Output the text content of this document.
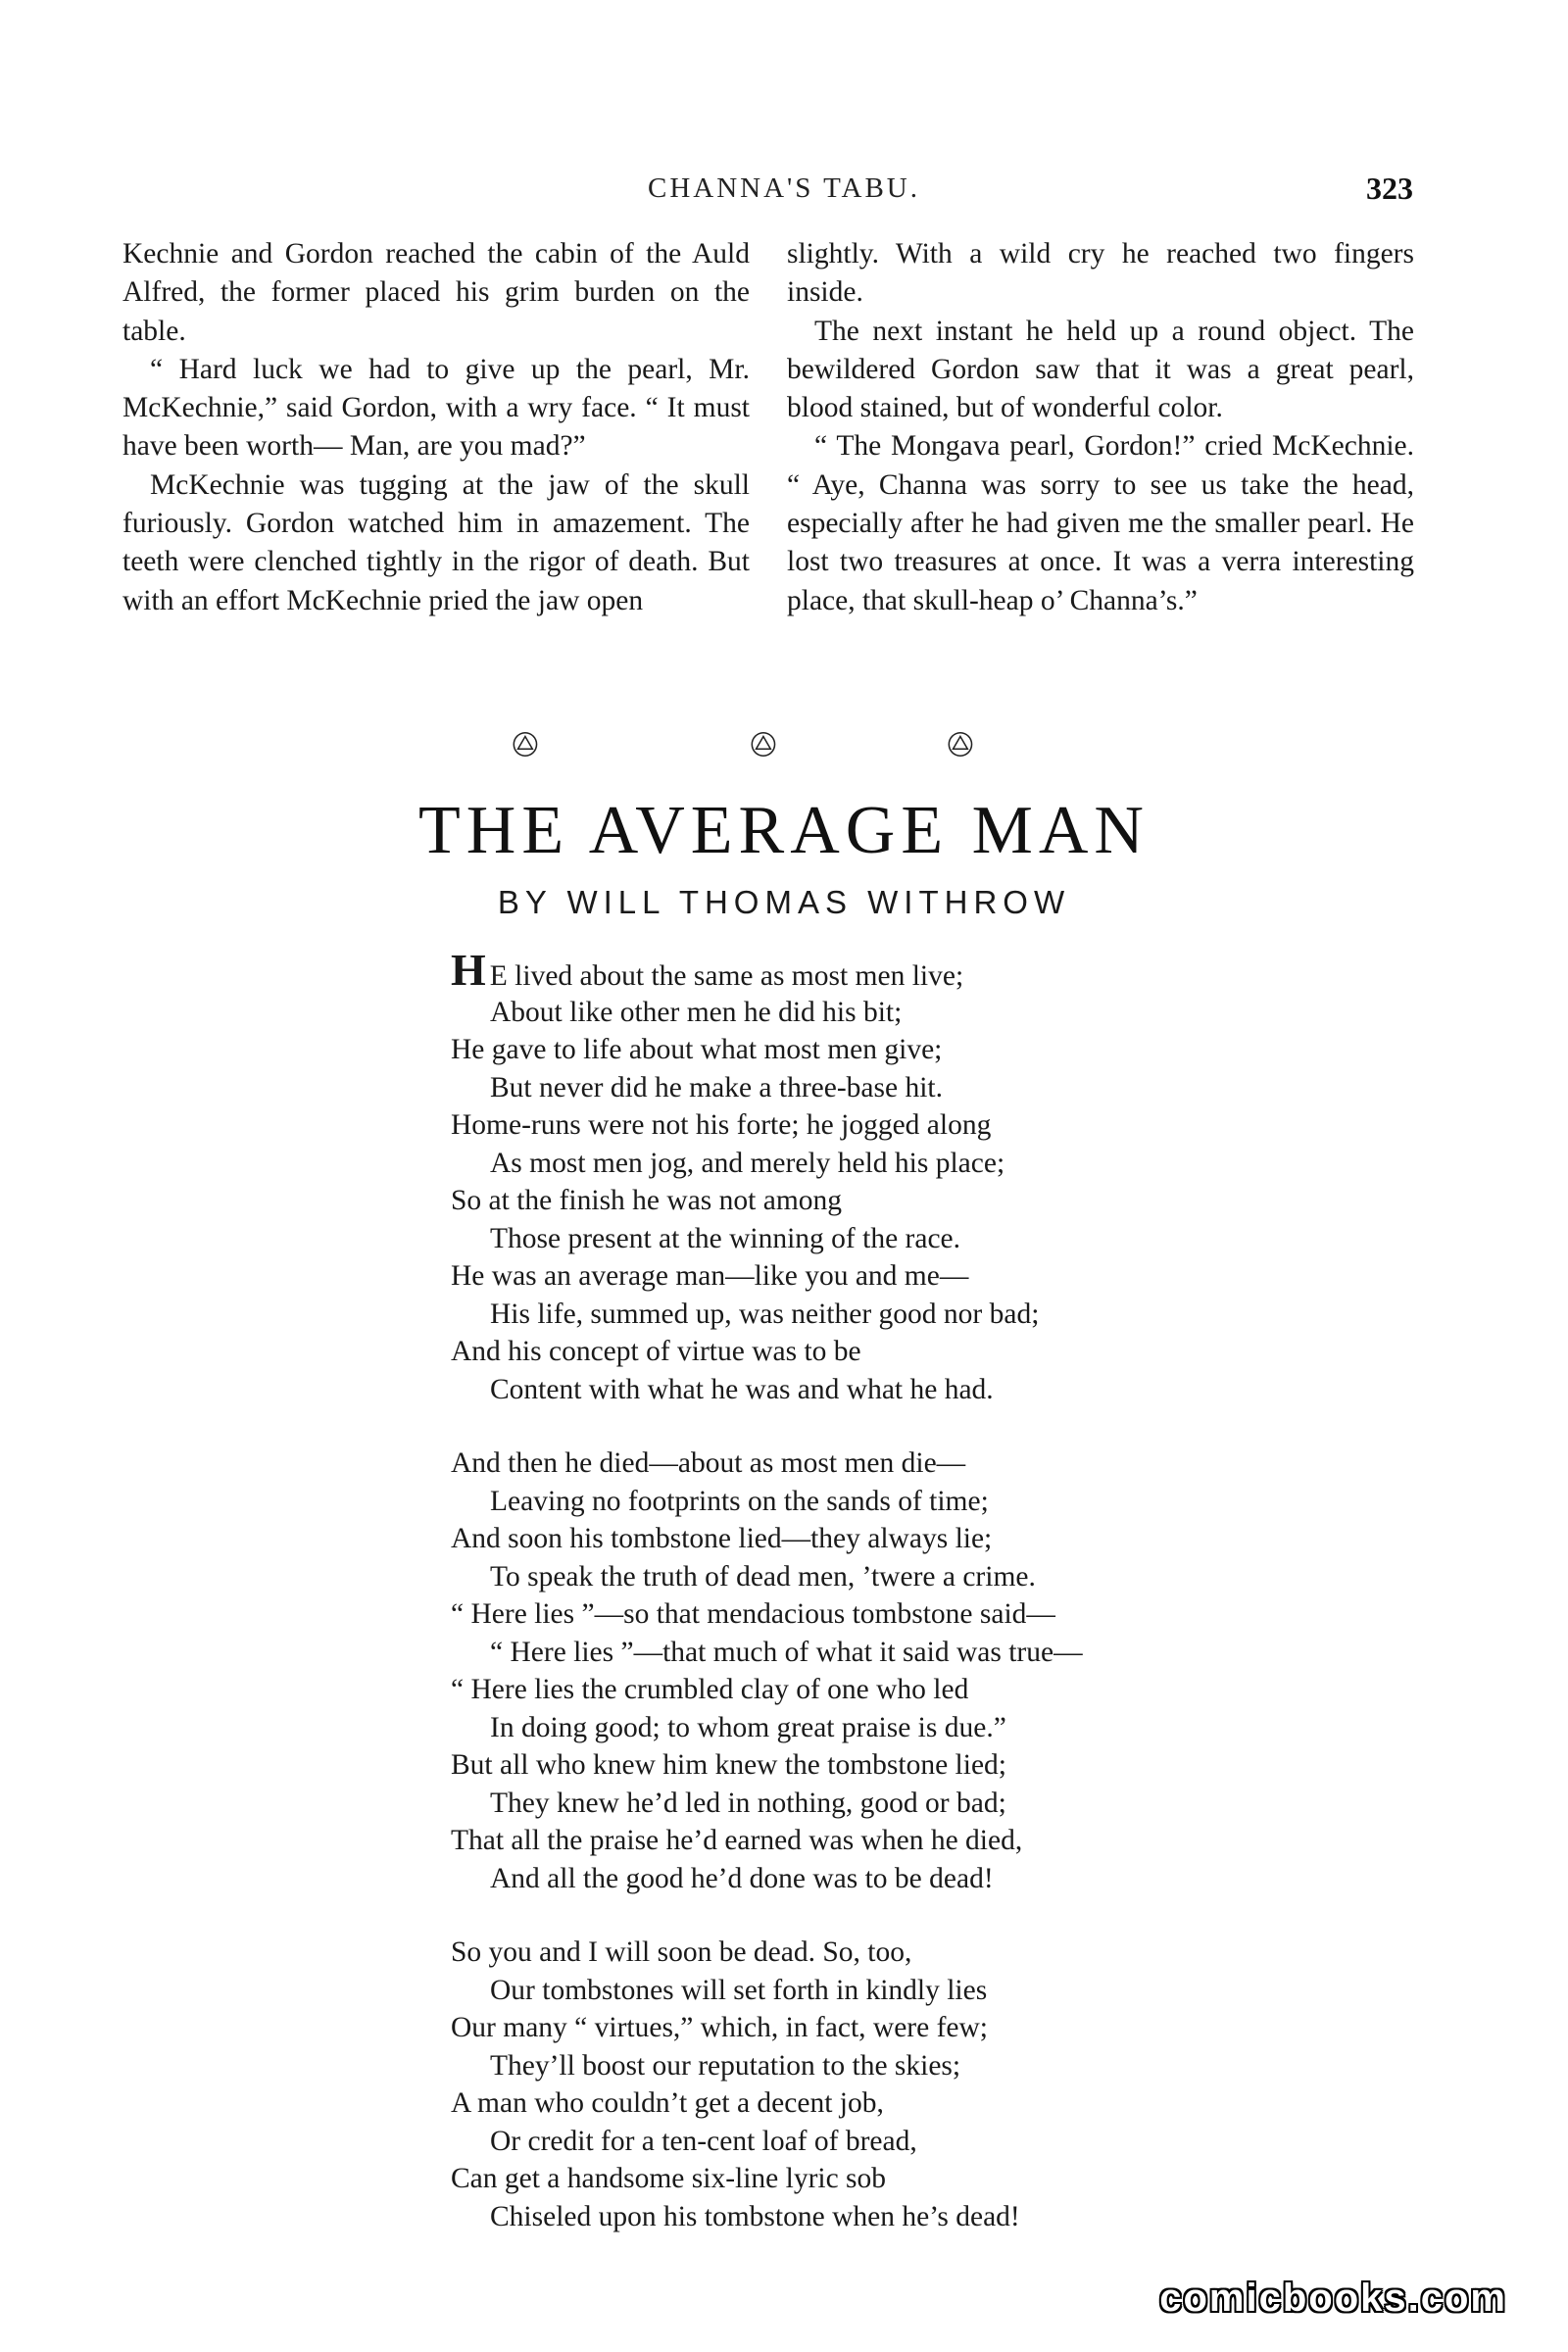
CHANNA'S TABU.	323

Kechnie and Gordon reached the cabin of the Auld Alfred, the former placed his grim burden on the table.

“ Hard luck we had to give up the pearl, Mr. McKechnie,” said Gordon, with a wry face. “ It must have been worth— Man, are you mad?”

McKechnie was tugging at the jaw of the skull furiously. Gordon watched him in amazement. The teeth were clenched tightly in the rigor of death. But with an effort McKechnie pried the jaw open

slightly. With a wild cry he reached two fingers inside.

The next instant he held up a round object. The bewildered Gordon saw that it was a great pearl, blood stained, but of wonderful color.

“ The Mongava pearl, Gordon!” cried McKechnie. “ Aye, Channa was sorry to see us take the head, especially after he had given me the smaller pearl. He lost two treasures at once. It was a verra interesting place, that skull-heap o’ Channa’s.”

🟕	🟕	🟕
THE AVERAGE MAN
BY WILL THOMAS WITHROW
H E lived about the same as most men live;
About like other men he did his bit;
He gave to life about what most men give;
But never did he make a three-base hit.
Home-runs were not his forte; he jogged along
As most men jog, and merely held his place;
So at the finish he was not among
Those present at the winning of the race.
He was an average man—like you and me—
His life, summed up, was neither good nor bad;
And his concept of virtue was to be
Content with what he was and what he had.
And then he died—about as most men die—
Leaving no footprints on the sands of time;
And soon his tombstone lied—they always lie;
To speak the truth of dead men, ’twere a crime.
“ Here lies ”—so that mendacious tombstone said—
“ Here lies ”—that much of what it said was true—
“ Here lies the crumbled clay of one who led
In doing good; to whom great praise is due.”
But all who knew him knew the tombstone lied;
They knew he’d led in nothing, good or bad;
That all the praise he’d earned was when he died,
And all the good he’d done was to be dead!
So you and I will soon be dead. So, too,
Our tombstones will set forth in kindly lies
Our many “ virtues,” which, in fact, were few;
They’ll boost our reputation to the skies;
A man who couldn’t get a decent job,
Or credit for a ten-cent loaf of bread,
Can get a handsome six-line lyric sob
Chiseled upon his tombstone when he’s dead!
comicbooks.com
